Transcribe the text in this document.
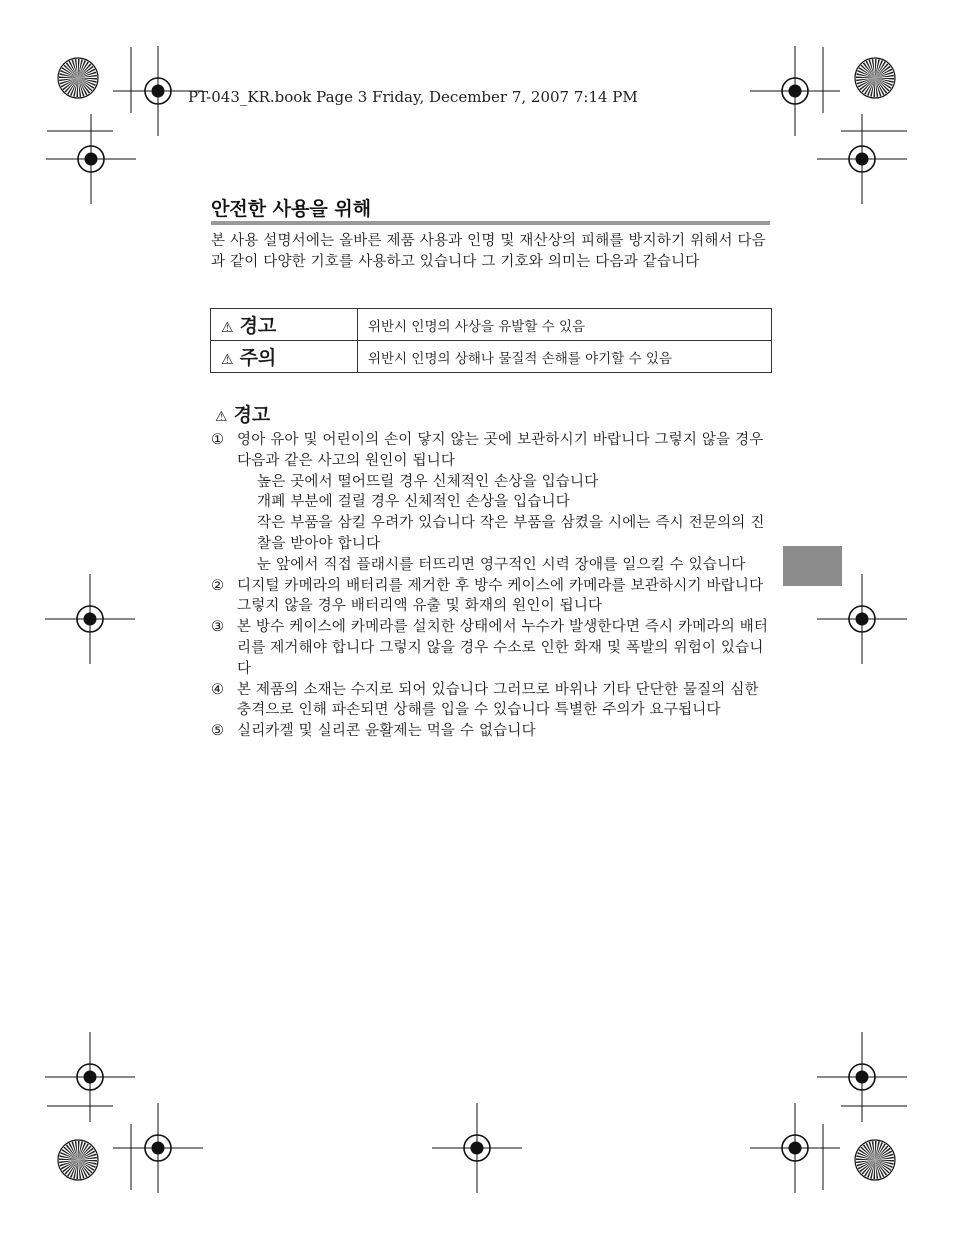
PT-043_KR.book Page 3 Friday, December 7, 2007 7:14 PM
안전한 사용을 위해
본 사용 설명서에는 올바른 제품 사용과 인명 및 재산상의 피해를 방지하기 위해서 다음과 같이 다양한 기호를 사용하고 있습니다 그 기호와 의미는 다음과 같습니다
⚠ 경고	위반시 인명의 사상을 유발할 수 있음
⚠ 주의	위반시 인명의 상해나 물질적 손해를 야기할 수 있음
⚠ 경고
① 영아 유아 및 어린이의 손이 닿지 않는 곳에 보관하시기 바랍니다 그렇지 않을 경우 다음과 같은 사고의 원인이 됩니다
높은 곳에서 떨어뜨릴 경우 신체적인 손상을 입습니다
개폐 부분에 걸릴 경우 신체적인 손상을 입습니다
작은 부품을 삼킬 우려가 있습니다 작은 부품을 삼켰을 시에는 즉시 전문의의 진찰을 받아야 합니다
눈 앞에서 직접 플래시를 터뜨리면 영구적인 시력 장애를 일으킬 수 있습니다
② 디지털 카메라의 배터리를 제거한 후 방수 케이스에 카메라를 보관하시기 바랍니다 그렇지 않을 경우 배터리액 유출 및 화재의 원인이 됩니다
③ 본 방수 케이스에 카메라를 설치한 상태에서 누수가 발생한다면 즉시 카메라의 배터리를 제거해야 합니다 그렇지 않을 경우 수소로 인한 화재 및 폭발의 위험이 있습니다
④ 본 제품의 소재는 수지로 되어 있습니다 그러므로 바위나 기타 단단한 물질의 심한 충격으로 인해 파손되면 상해를 입을 수 있습니다 특별한 주의가 요구됩니다
⑤ 실리카겔 및 실리콘 윤활제는 먹을 수 없습니다
